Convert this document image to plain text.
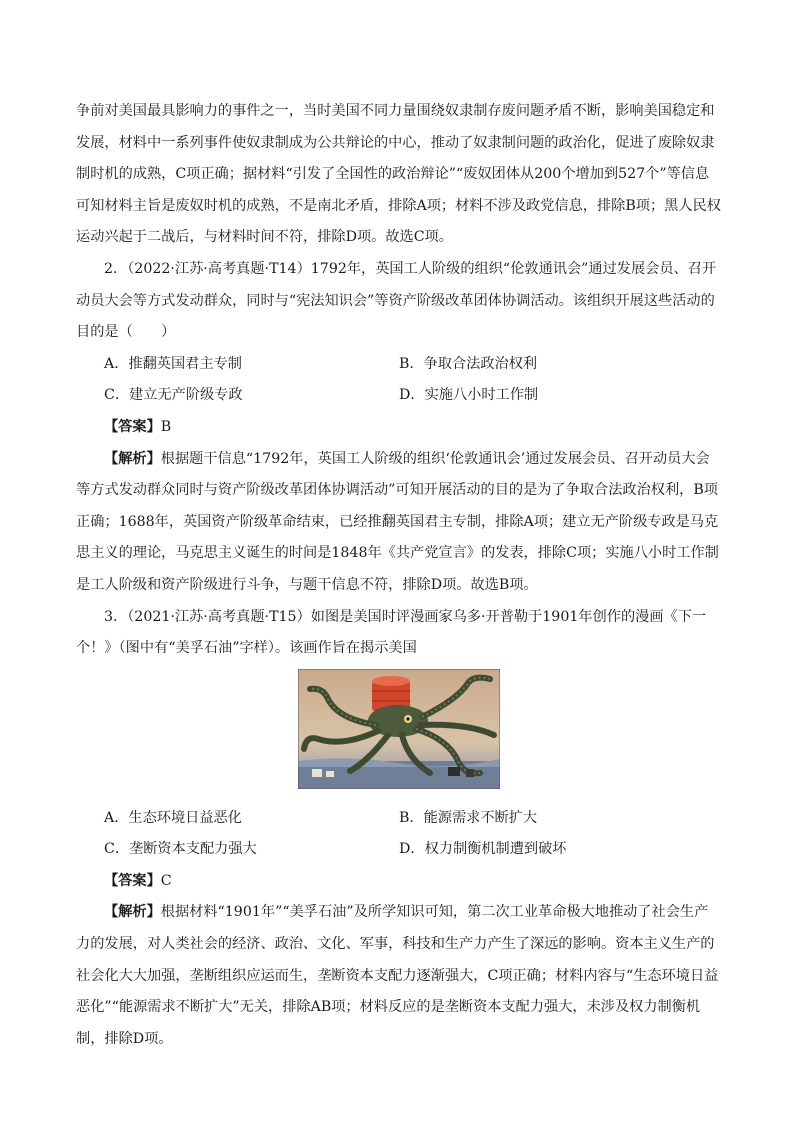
争前对美国最具影响力的事件之一，当时美国不同力量围绕奴隶制存废问题矛盾不断，影响美国稳定和发展，材料中一系列事件使奴隶制成为公共辩论的中心，推动了奴隶制问题的政治化，促进了废除奴隶制时机的成熟，C项正确；据材料“引发了全国性的政治辩论”“废奴团体从200个增加到527个”等信息可知材料主旨是废奴时机的成熟，不是南北矛盾，排除A项；材料不涉及政党信息，排除B项；黑人民权运动兴起于二战后，与材料时间不符，排除D项。故选C项。

2．（2022·江苏·高考真题·T14）1792年，英国工人阶级的组织“伦敦通讯会”通过发展会员、召开动员大会等方式发动群众，同时与“宪法知识会”等资产阶级改革团体协调活动。该组织开展这些活动的目的是（　　）

A．推翻英国君主专制	B．争取合法政治权利
C．建立无产阶级专政	D．实施八小时工作制

【答案】B

【解析】根据题干信息“1792年，英国工人阶级的组织‘伦敦通讯会’通过发展会员、召开动员大会等方式发动群众同时与资产阶级改革团体协调活动”可知开展活动的目的是为了争取合法政治权利，B项正确；1688年，英国资产阶级革命结束，已经推翻英国君主专制，排除A项；建立无产阶级专政是马克思主义的理论，马克思主义诞生的时间是1848年《共产党宣言》的发表，排除C项；实施八小时工作制是工人阶级和资产阶级进行斗争，与题干信息不符，排除D项。故选B项。

3．（2021·江苏·高考真题·T15）如图是美国时评漫画家乌多·开普勒于1901年创作的漫画《下一个！》（图中有“美孚石油”字样）。该画作旨在揭示美国

A．生态环境日益恶化	B．能源需求不断扩大
C．垄断资本支配力强大	D．权力制衡机制遭到破坏

【答案】C

【解析】根据材料“1901年”“美孚石油”及所学知识可知，第二次工业革命极大地推动了社会生产力的发展，对人类社会的经济、政治、文化、军事，科技和生产力产生了深远的影响。资本主义生产的社会化大大加强，垄断组织应运而生，垄断资本支配力逐渐强大，C项正确；材料内容与“生态环境日益恶化”“能源需求不断扩大”无关，排除AB项；材料反应的是垄断资本支配力强大，未涉及权力制衡机制，排除D项。
